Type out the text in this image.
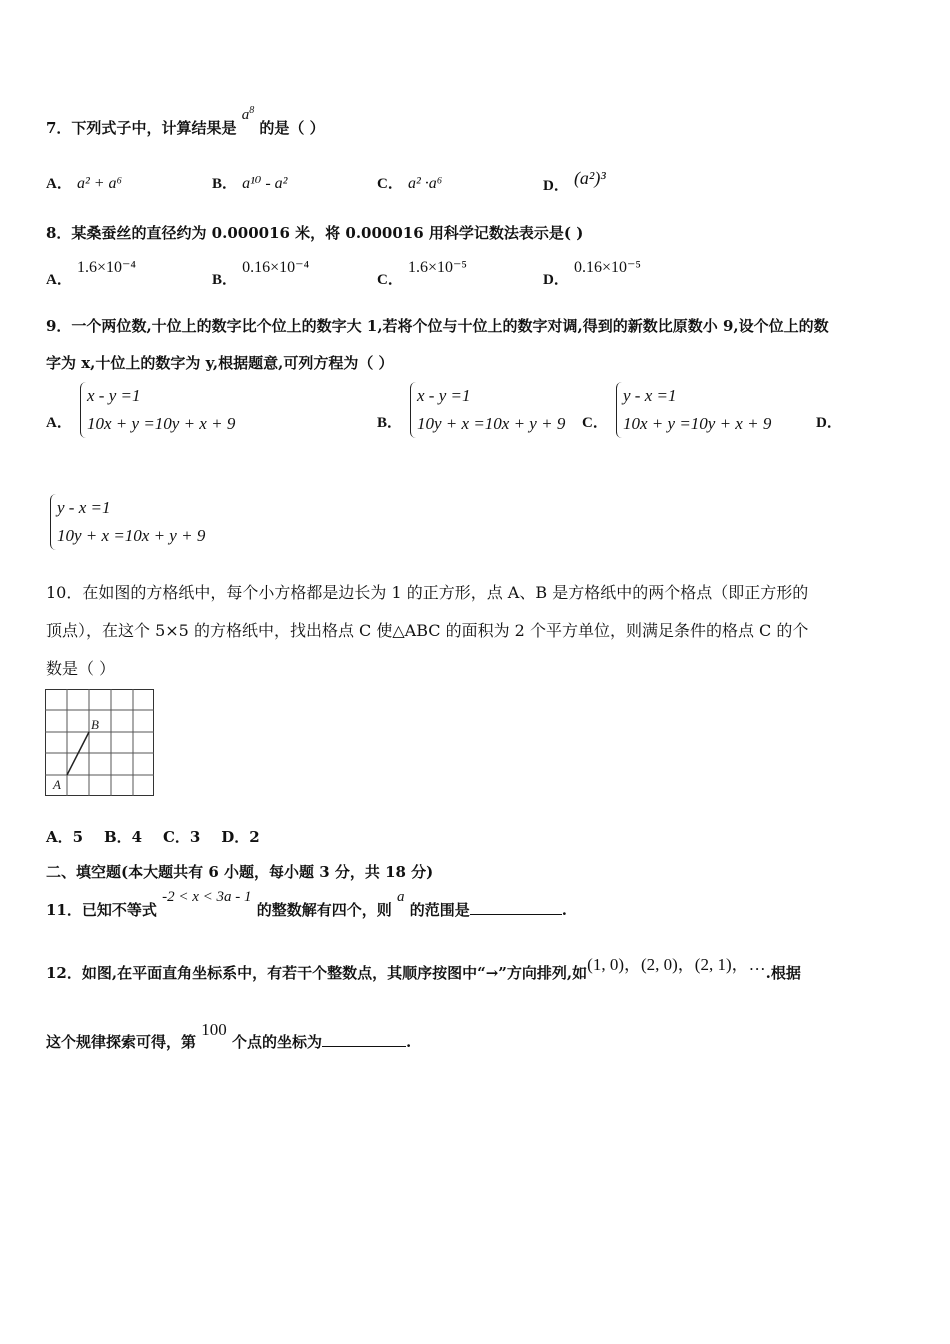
7．下列式子中，计算结果是 $a^8$ 的是（ ）
A． a² + a⁶	B． a¹⁰ - a²	C． a² ·a⁶	D． (a²)³
8．某桑蚕丝的直径约为 0.000016 米，将 0.000016 用科学记数法表示是( )
A． 1.6×10⁻⁴
B． 0.16×10⁻⁴
C． 1.6×10⁻⁵
D． 0.16×10⁻⁵
9．一个两位数,十位上的数字比个位上的数字大 1,若将个位与十位上的数字对调,得到的新数比原数小 9,设个位上的数
字为 x,十位上的数字为 y,根据题意,可列方程为（ ）
A．
x - y =1
10x + y =10y + x + 9	B．
x - y =1
10y + x =10x + y + 9 C．
y - x =1
10x + y =10y + x + 9	D．
y - x =1
10y + x =10x + y + 9
10．在如图的方格纸中，每个小方格都是边长为 1 的正方形，点 A、B 是方格纸中的两个格点（即正方形的
顶点），在这个 5×5 的方格纸中，找出格点 C 使△ABC 的面积为 2 个平方单位，则满足条件的格点 C 的个
数是（ ）
A
B
A．5    B．4    C．3    D．2
二、填空题(本大题共有 6 小题，每小题 3 分，共 18 分)
11．已知不等式 -2 < x < 3a - 1 的整数解有四个，则 a 的范围是	.
12．如图,在平面直角坐标系中，有若干个整数点，其顺序按图中“→”方向排列,如(1, 0)，(2, 0)，(2, 1)，….根据
这个规律探索可得，第 100 个点的坐标为	.
